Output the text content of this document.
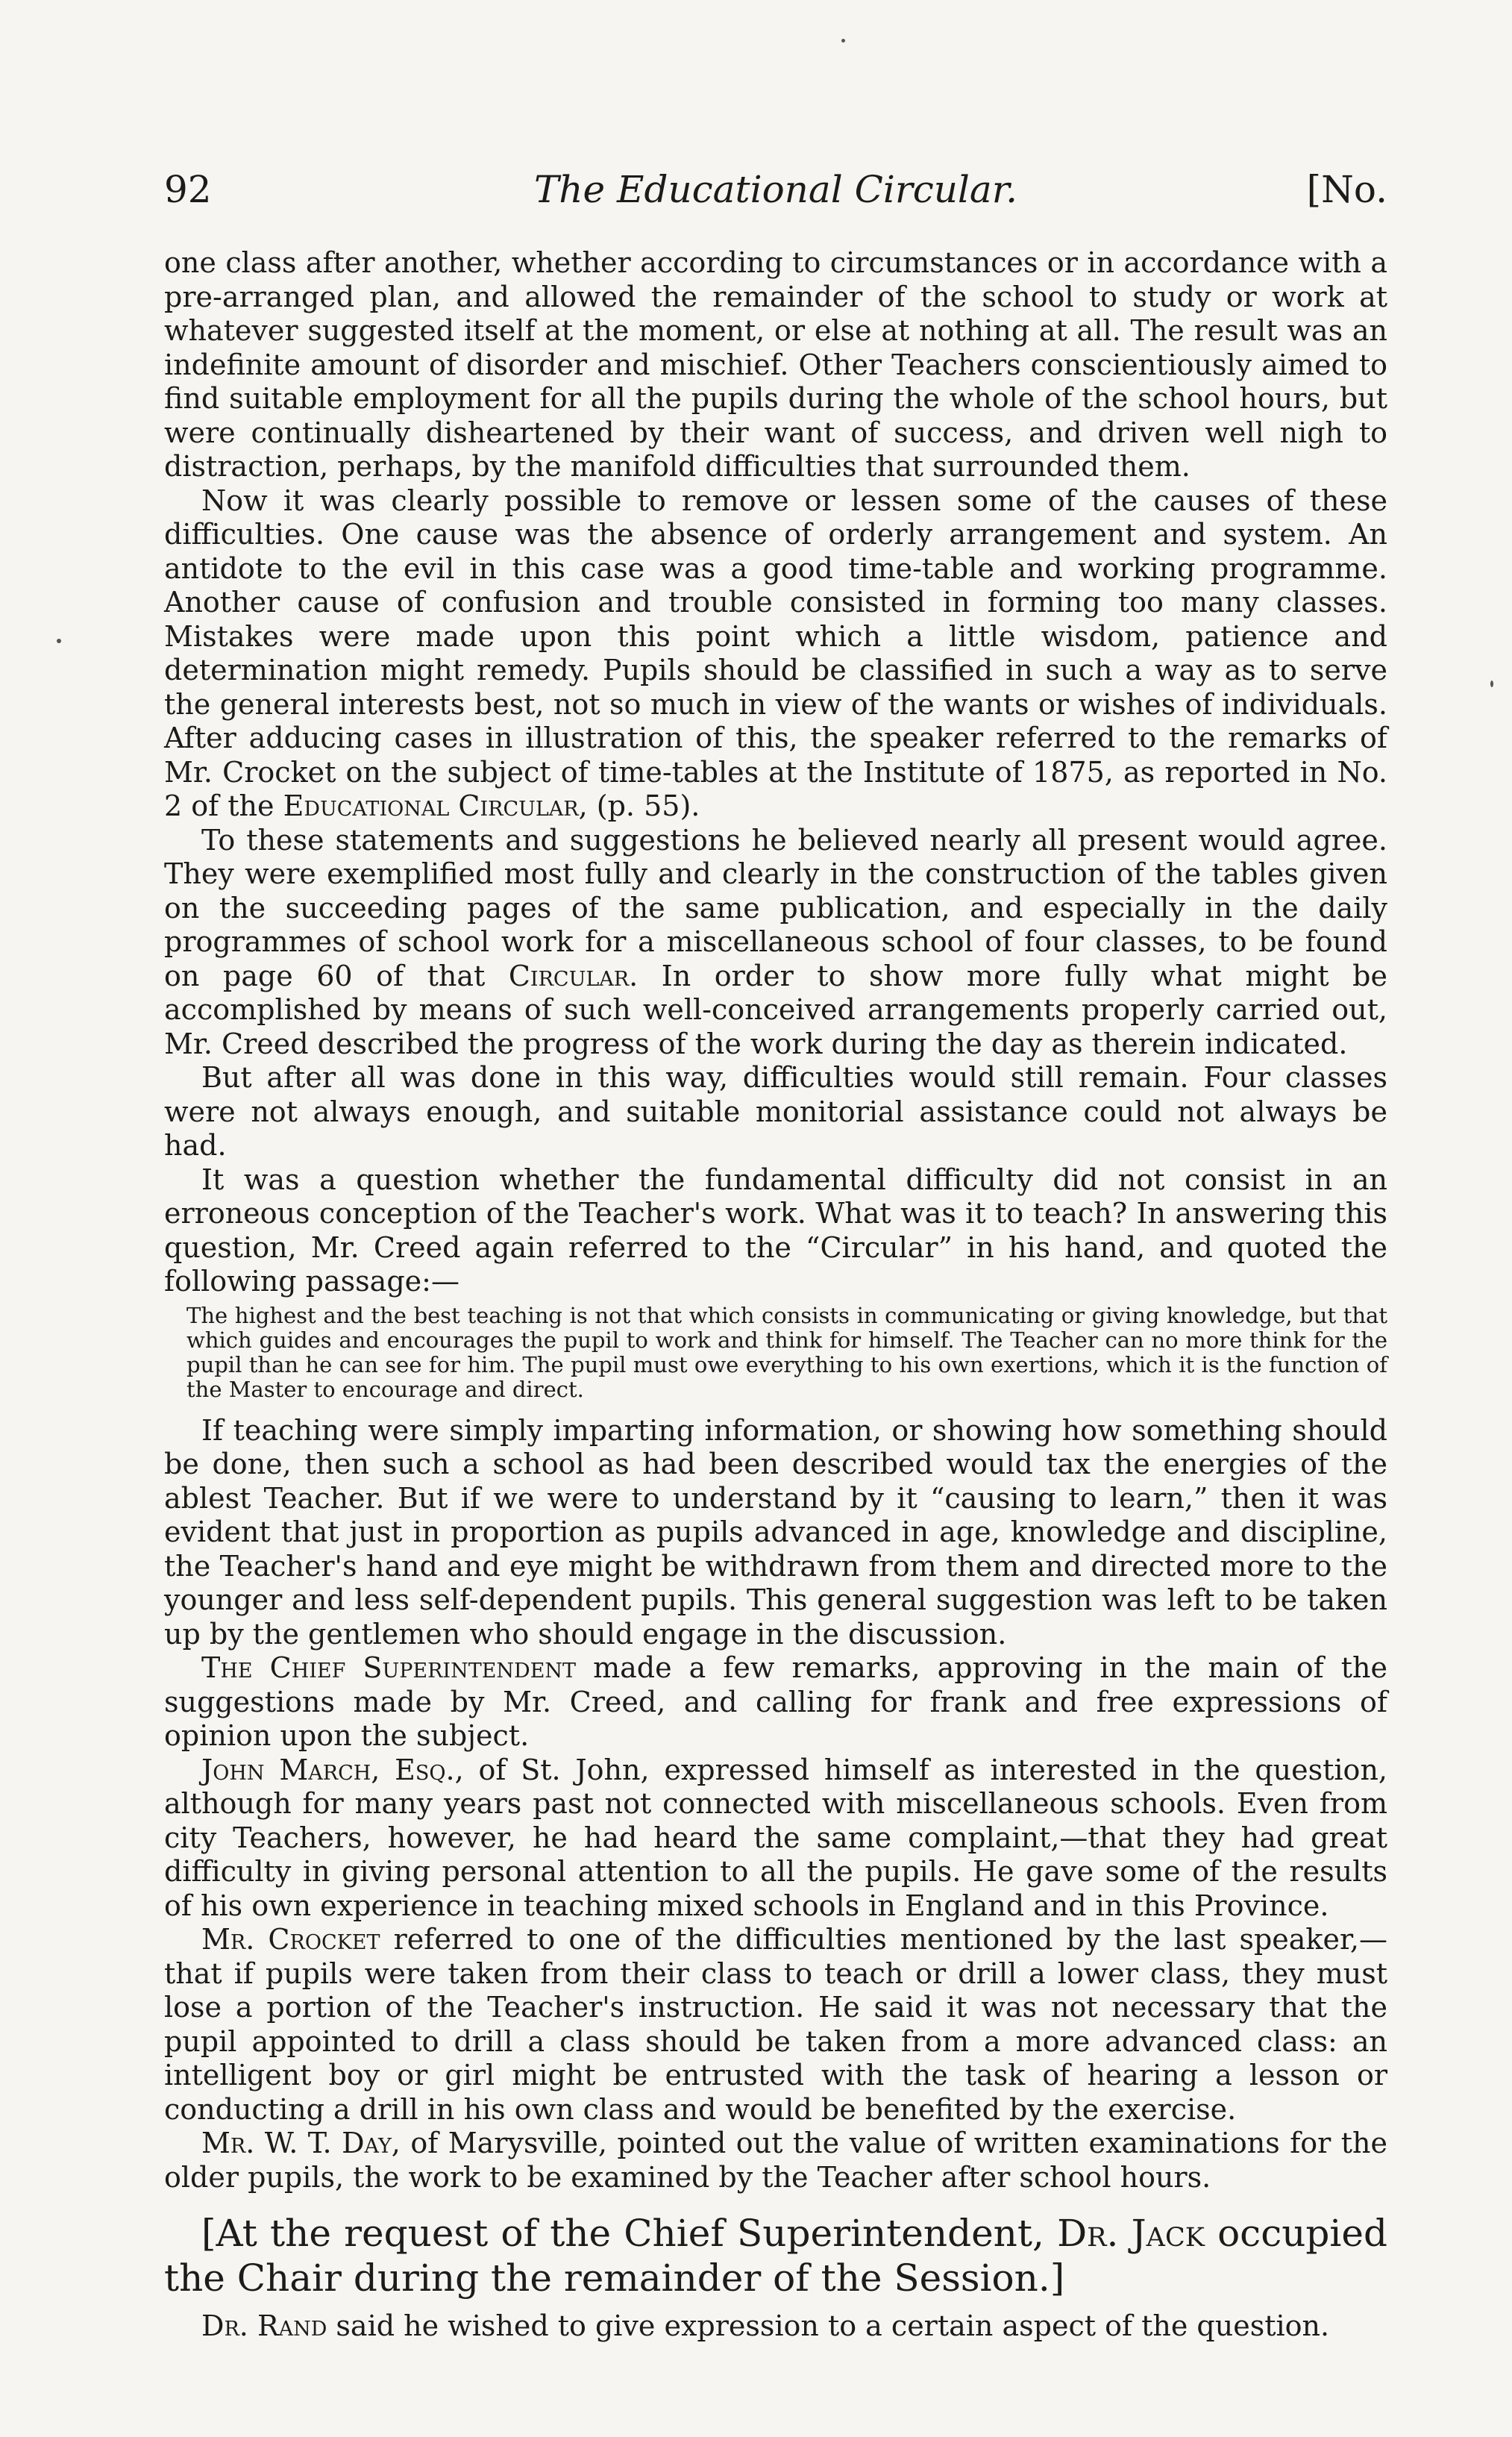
92	The Educational Circular.	[No.

one class after another, whether according to circumstances or in accordance with a pre-arranged plan, and allowed the remainder of the school to study or work at whatever suggested itself at the moment, or else at nothing at all. The result was an indefinite amount of disorder and mischief. Other Teachers conscientiously aimed to find suitable employment for all the pupils during the whole of the school hours, but were continually disheartened by their want of success, and driven well nigh to distraction, perhaps, by the manifold difficulties that surrounded them.

Now it was clearly possible to remove or lessen some of the causes of these difficulties. One cause was the absence of orderly arrangement and system. An antidote to the evil in this case was a good time-table and working programme. Another cause of confusion and trouble consisted in forming too many classes. Mistakes were made upon this point which a little wisdom, patience and determination might remedy. Pupils should be classified in such a way as to serve the general interests best, not so much in view of the wants or wishes of individuals. After adducing cases in illustration of this, the speaker referred to the remarks of Mr. Crocket on the subject of time-tables at the Institute of 1875, as reported in No. 2 of the Educational Circular, (p. 55).

To these statements and suggestions he believed nearly all present would agree. They were exemplified most fully and clearly in the construction of the tables given on the succeeding pages of the same publication, and especially in the daily programmes of school work for a miscellaneous school of four classes, to be found on page 60 of that Circular. In order to show more fully what might be accomplished by means of such well-conceived arrangements properly carried out, Mr. Creed described the progress of the work during the day as therein indicated.

But after all was done in this way, difficulties would still remain. Four classes were not always enough, and suitable monitorial assistance could not always be had.

It was a question whether the fundamental difficulty did not consist in an erroneous conception of the Teacher's work. What was it to teach? In answering this question, Mr. Creed again referred to the “Circular” in his hand, and quoted the following passage:—

The highest and the best teaching is not that which consists in communicating or giving knowledge, but that which guides and encourages the pupil to work and think for himself. The Teacher can no more think for the pupil than he can see for him. The pupil must owe everything to his own exertions, which it is the function of the Master to encourage and direct.

If teaching were simply imparting information, or showing how something should be done, then such a school as had been described would tax the energies of the ablest Teacher. But if we were to understand by it “causing to learn,” then it was evident that just in proportion as pupils advanced in age, knowledge and discipline, the Teacher's hand and eye might be withdrawn from them and directed more to the younger and less self-dependent pupils. This general suggestion was left to be taken up by the gentlemen who should engage in the discussion.

The Chief Superintendent made a few remarks, approving in the main of the suggestions made by Mr. Creed, and calling for frank and free expressions of opinion upon the subject.

John March, Esq., of St. John, expressed himself as interested in the question, although for many years past not connected with miscellaneous schools. Even from city Teachers, however, he had heard the same complaint,—that they had great difficulty in giving personal attention to all the pupils. He gave some of the results of his own experience in teaching mixed schools in England and in this Province.

Mr. Crocket referred to one of the difficulties mentioned by the last speaker,—that if pupils were taken from their class to teach or drill a lower class, they must lose a portion of the Teacher's instruction. He said it was not necessary that the pupil appointed to drill a class should be taken from a more advanced class: an intelligent boy or girl might be entrusted with the task of hearing a lesson or conducting a drill in his own class and would be benefited by the exercise.

Mr. W. T. Day, of Marysville, pointed out the value of written examinations for the older pupils, the work to be examined by the Teacher after school hours.

[At the request of the Chief Superintendent, Dr. Jack occupied the Chair during the remainder of the Session.]

Dr. Rand said he wished to give expression to a certain aspect of the question.
